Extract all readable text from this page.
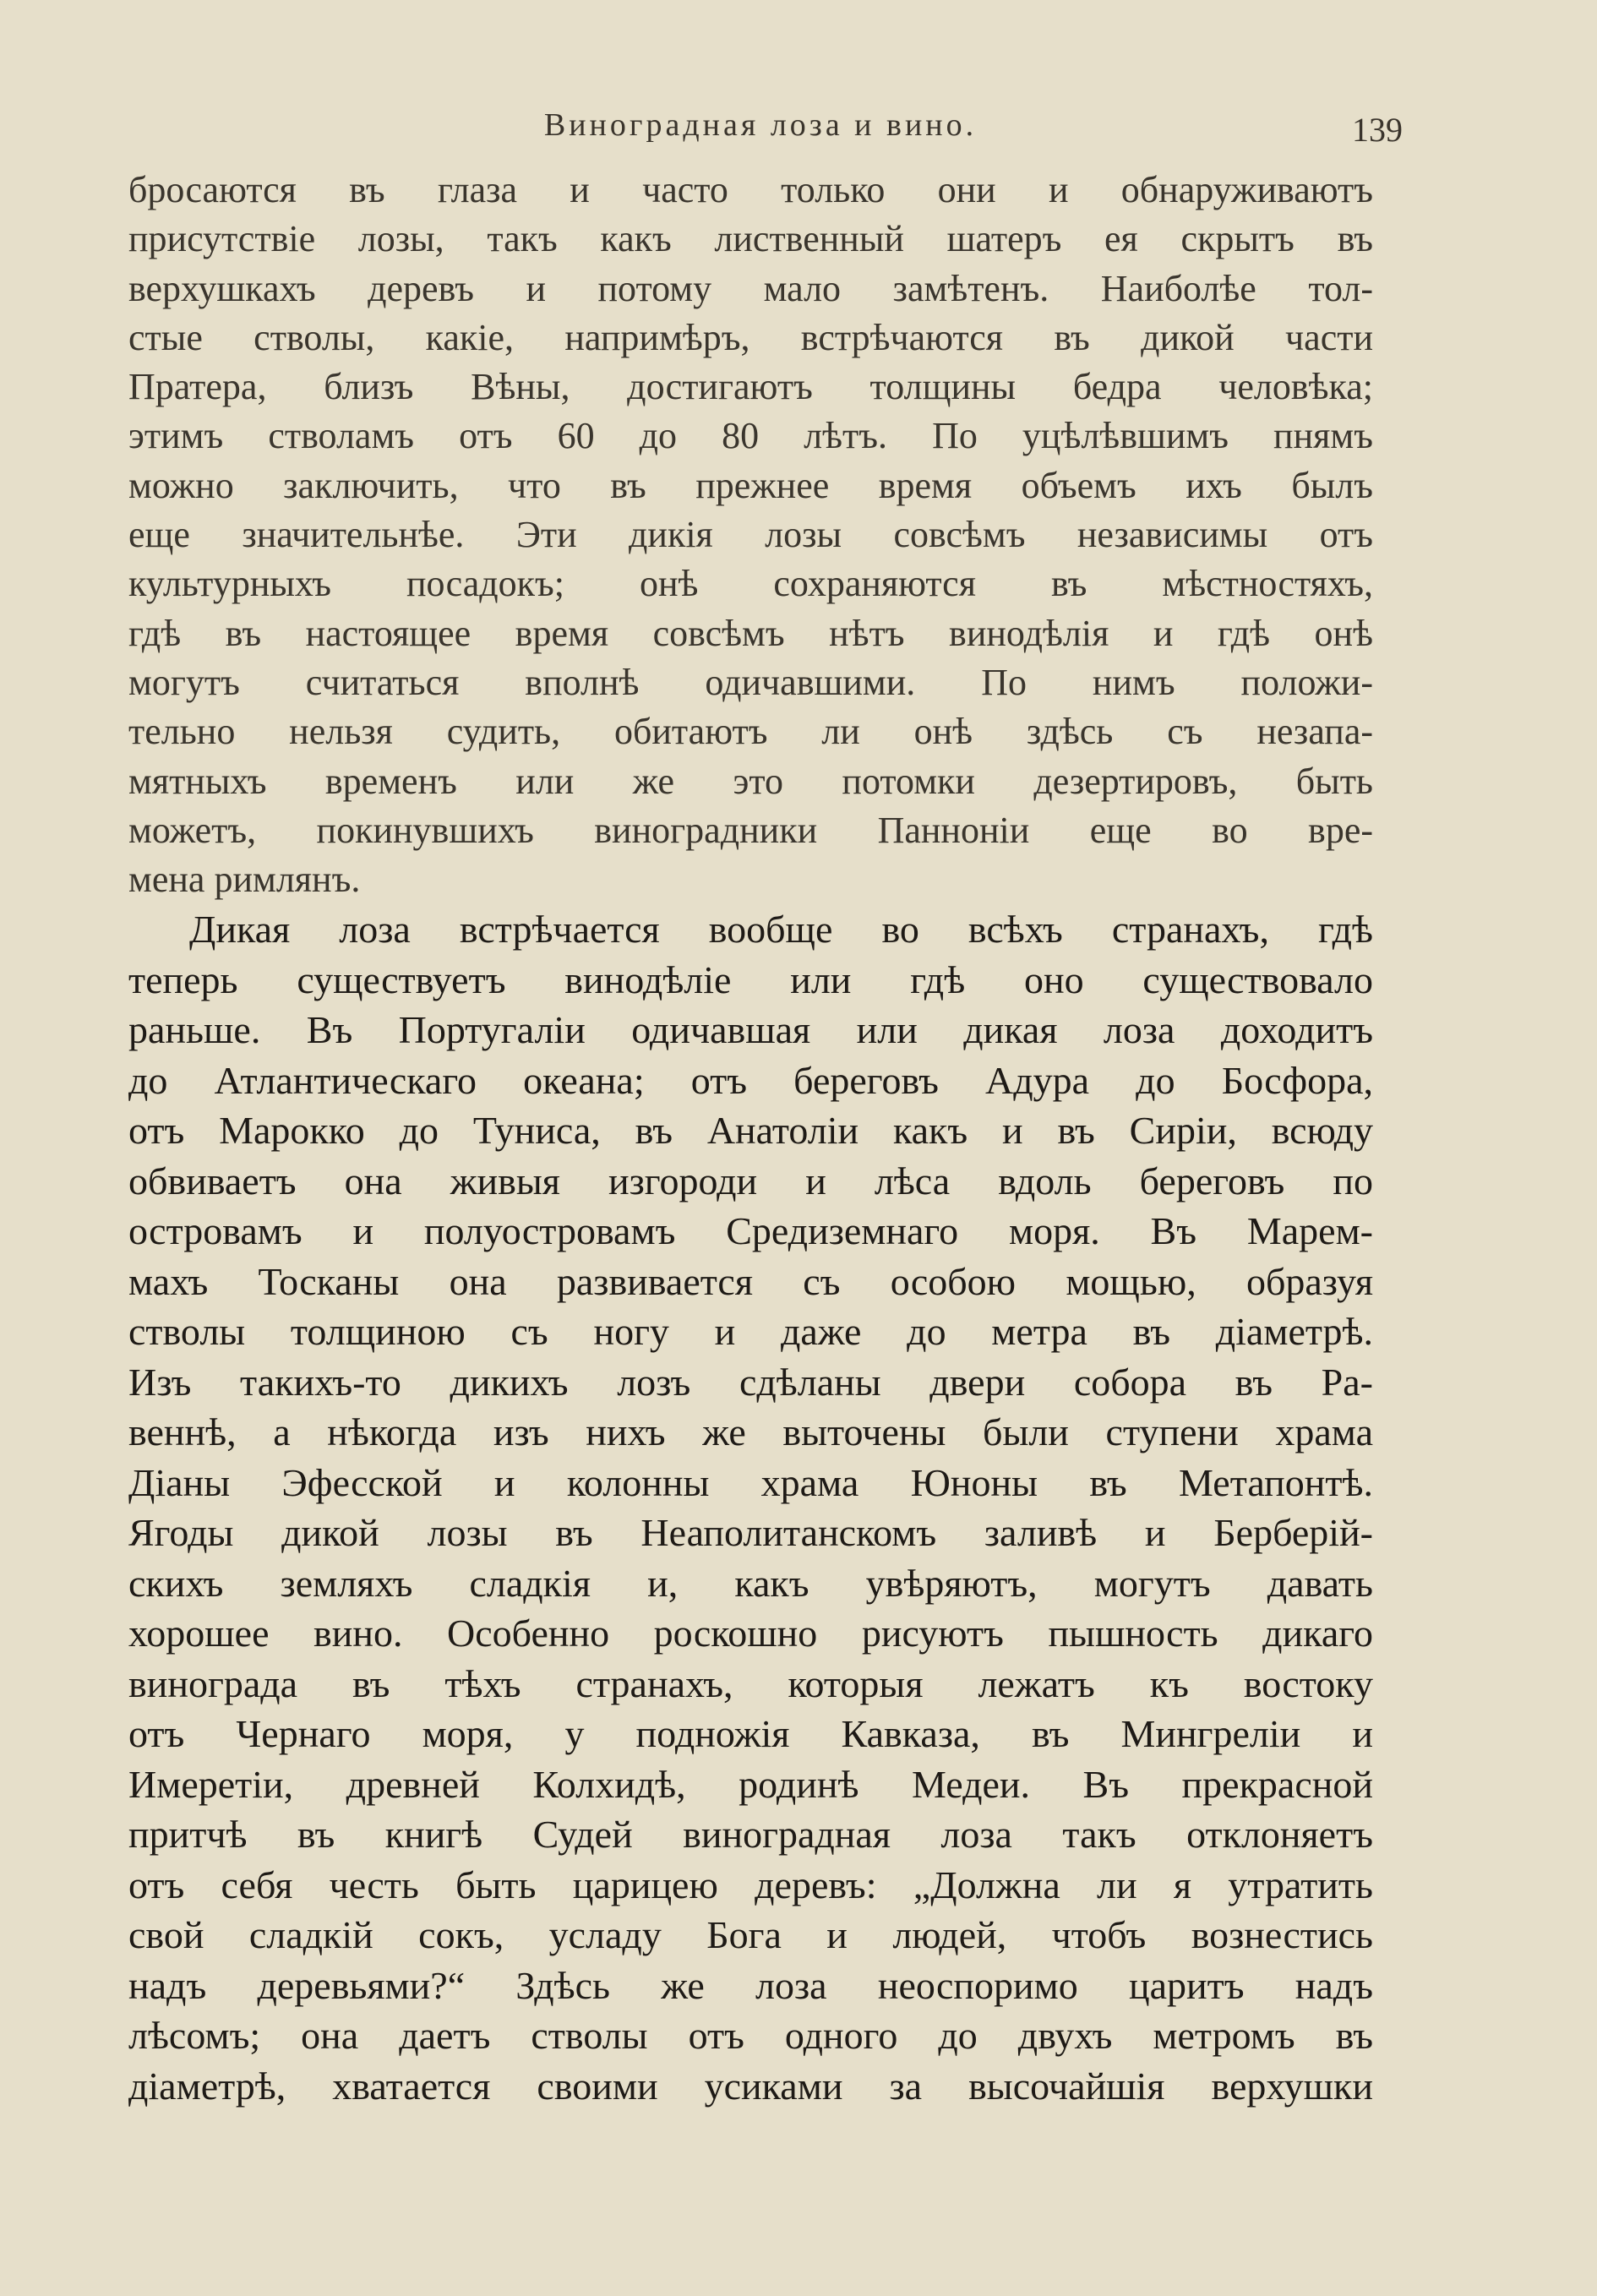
Виноградная лоза и вино.	139
бросаются въ глаза и часто только они и обнаруживаютъ
присутствіе лозы, такъ какъ лиственный шатеръ ея скрытъ въ
верхушкахъ деревъ и потому мало замѣтенъ. Наиболѣе тол-
стые стволы, какіе, напримѣръ, встрѣчаются въ дикой части
Пратера, близъ Вѣны, достигаютъ толщины бедра человѣка;
этимъ стволамъ отъ 60 до 80 лѣтъ. По уцѣлѣвшимъ пнямъ
можно заключить, что въ прежнее время объемъ ихъ былъ
еще значительнѣе. Эти дикія лозы совсѣмъ независимы отъ
культурныхъ посадокъ; онѣ сохраняются въ мѣстностяхъ,
гдѣ въ настоящее время совсѣмъ нѣтъ винодѣлія и гдѣ онѣ
могутъ считаться вполнѣ одичавшими. По нимъ положи-
тельно нельзя судить, обитаютъ ли онѣ здѣсь съ незапа-
мятныхъ временъ или же это потомки дезертировъ, быть
можетъ, покинувшихъ виноградники Паннонiи еще во вре-
мена римлянъ.
Дикая лоза встрѣчается вообще во всѣхъ странахъ, гдѣ
теперь существуетъ винодѣліе или гдѣ оно существовало
раньше. Въ Португаліи одичавшая или дикая лоза доходитъ
до Атлантическаго океана; отъ береговъ Адура до Босфора,
отъ Марокко до Туниса, въ Анатоліи какъ и въ Сиріи, всюду
обвиваетъ она живыя изгороди и лѣса вдоль береговъ по
островамъ и полуостровамъ Средиземнаго моря. Въ Марем-
махъ Тосканы она развивается съ особою мощью, образуя
стволы толщиною съ ногу и даже до метра въ діаметрѣ.
Изъ такихъ-то дикихъ лозъ сдѣланы двери собора въ Ра-
веннѣ, а нѣкогда изъ нихъ же выточены были ступени храма
Діаны Эфесской и колонны храма Юноны въ Метапонтѣ.
Ягоды дикой лозы въ Неаполитанскомъ заливѣ и Берберій-
скихъ земляхъ сладкія и, какъ увѣряютъ, могутъ давать
хорошее вино. Особенно роскошно рисуютъ пышность дикаго
винограда въ тѣхъ странахъ, которыя лежатъ къ востоку
отъ Чернаго моря, у подножія Кавказа, въ Мингреліи и
Имеретіи, древней Колхидѣ, родинѣ Медеи. Въ прекрасной
притчѣ въ книгѣ Судей виноградная лоза такъ отклоняетъ
отъ себя честь быть царицею деревъ: „Должна ли я утратить
свой сладкій сокъ, усладу Бога и людей, чтобъ вознестись
надъ деревьями?“ Здѣсь же лоза неоспоримо царитъ надъ
лѣсомъ; она даетъ стволы отъ одного до двухъ метромъ въ
діаметрѣ, хватается своими усиками за высочайшія верхушки
